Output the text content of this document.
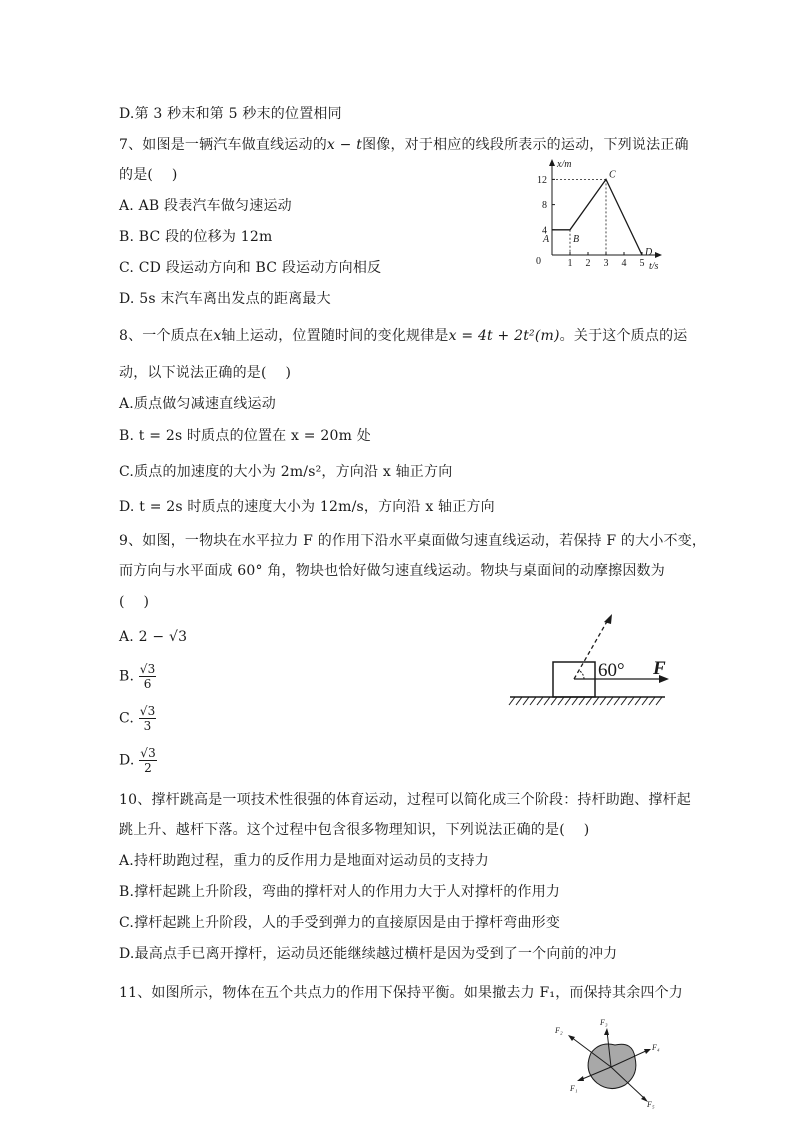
D.第 3 秒末和第 5 秒末的位置相同
7、如图是一辆汽车做直线运动的x − t图像，对于相应的线段所表示的运动，下列说法正确
的是(　 )
A. AB 段表汽车做匀速运动
B. BC 段的位移为 12m
C. CD 段运动方向和 BC 段运动方向相反
D. 5s 末汽车离出发点的距离最大
x/m
t/s
0
4
8
12
1 2 3 4 5
A B
C
D
8、一个质点在x轴上运动，位置随时间的变化规律是x = 4t + 2t²(m)。关于这个质点的运
动，以下说法正确的是(　 )
A.质点做匀减速直线运动
B. t = 2s 时质点的位置在 x = 20m 处
C.质点的加速度的大小为 2m/s²，方向沿 x 轴正方向
D. t = 2s 时质点的速度大小为 12m/s，方向沿 x 轴正方向
9、如图，一物块在水平拉力 F 的作用下沿水平桌面做匀速直线运动，若保持 F 的大小不变，
而方向与水平面成 60° 角，物块也恰好做匀速直线运动。物块与桌面间的动摩擦因数为
(　 )
A. 2 − √3
B. $\frac{√3}{6}$
C. $\frac{√3}{3}$
D. $\frac{√3}{2}$
60° F
10、撑杆跳高是一项技术性很强的体育运动，过程可以简化成三个阶段：持杆助跑、撑杆起
跳上升、越杆下落。这个过程中包含很多物理知识，下列说法正确的是(　 )
A.持杆助跑过程，重力的反作用力是地面对运动员的支持力
B.撑杆起跳上升阶段，弯曲的撑杆对人的作用力大于人对撑杆的作用力
C.撑杆起跳上升阶段，人的手受到弹力的直接原因是由于撑杆弯曲形变
D.最高点手已离开撑杆，运动员还能继续越过横杆是因为受到了一个向前的冲力
11、如图所示，物体在五个共点力的作用下保持平衡。如果撤去力 F₁，而保持其余四个力
F₁
F₂
F₃
F₄
F₅
